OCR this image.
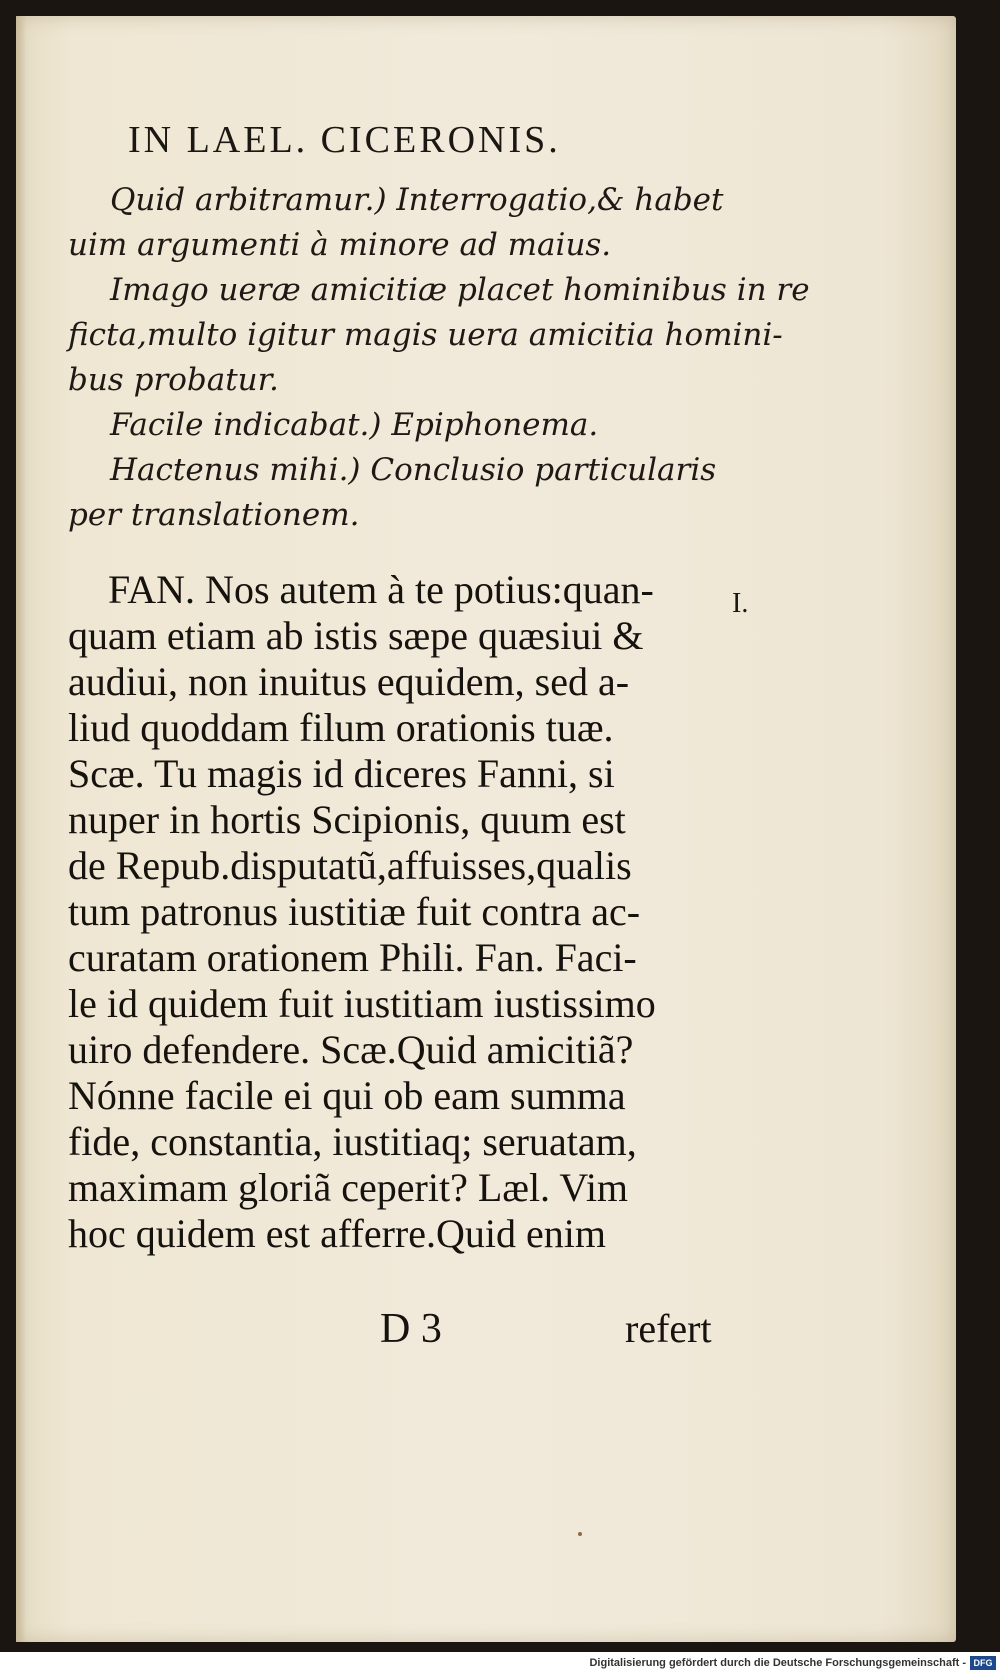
IN LAEL. CICERONIS.

Quid arbitramur.) Interrogatio,& habet

uim argumenti à minore ad maius.

Imago ueræ amicitiæ placet hominibus in re

ficta,multo igitur magis uera amicitia homini-

bus probatur.

Facile indicabat.) Epiphonema.

Hactenus mihi.) Conclusio particularis

per translationem.

FAN. Nos autem à te potius:quan-
quam etiam ab istis sæpe quæsiui &
audiui, non inuitus equidem, sed a-
liud quoddam filum orationis tuæ.
Scæ. Tu magis id diceres Fanni, si
nuper in hortis Scipionis, quum est
de Repub.disputatũ,affuisses,qualis
tum patronus iustitiæ fuit contra ac-
curatam orationem Phili. Fan. Faci-
le id quidem fuit iustitiam iustissimo
uiro defendere. Scæ.Quid amicitiã?
Nónne facile ei qui ob eam summa
fide, constantia, iustitiaq; seruatam,
maximam gloriã ceperit? Læl. Vim
hoc quidem est afferre.Quid enim
I.
D 3	refert
Digitalisierung gefördert durch die Deutsche Forschungsgemeinschaft - DFG
